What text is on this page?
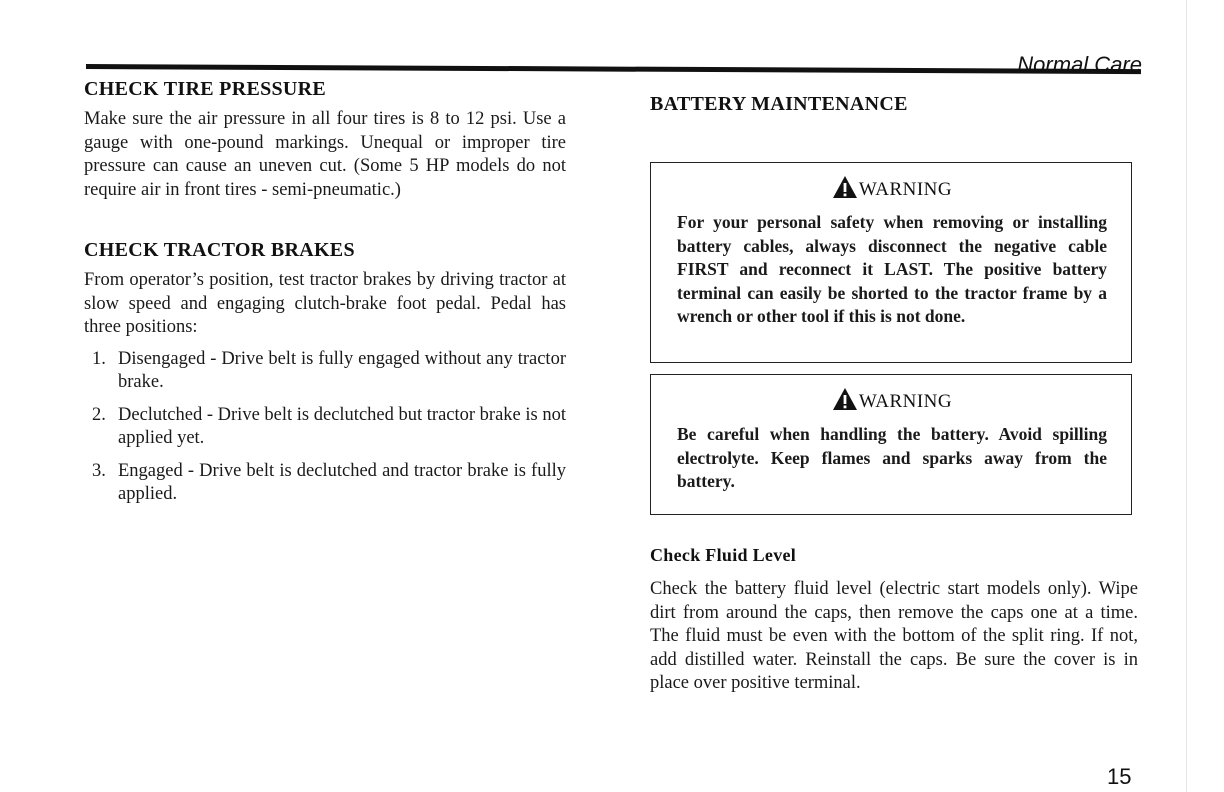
Normal Care
CHECK TIRE PRESSURE

Make sure the air pressure in all four tires is 8 to 12 psi. Use a gauge with one-pound markings. Unequal or improper tire pressure can cause an uneven cut. (Some 5 HP models do not require air in front tires - semi-pneumatic.)

CHECK TRACTOR BRAKES

From operator’s position, test tractor brakes by driving tractor at slow speed and engaging clutch-brake foot pedal. Pedal has three positions:

1. Disengaged - Drive belt is fully engaged without any tractor brake.
2. Declutched - Drive belt is declutched but tractor brake is not applied yet.
3. Engaged - Drive belt is declutched and tractor brake is fully applied.
BATTERY MAINTENANCE
WARNING

For your personal safety when removing or installing battery cables, always disconnect the negative cable FIRST and reconnect it LAST. The positive battery terminal can easily be shorted to the tractor frame by a wrench or other tool if this is not done.

WARNING

Be careful when handling the battery. Avoid spilling electrolyte. Keep flames and sparks away from the battery.

Check Fluid Level

Check the battery fluid level (electric start models only). Wipe dirt from around the caps, then remove the caps one at a time. The fluid must be even with the bottom of the split ring. If not, add distilled water. Reinstall the caps. Be sure the cover is in place over positive terminal.

15
